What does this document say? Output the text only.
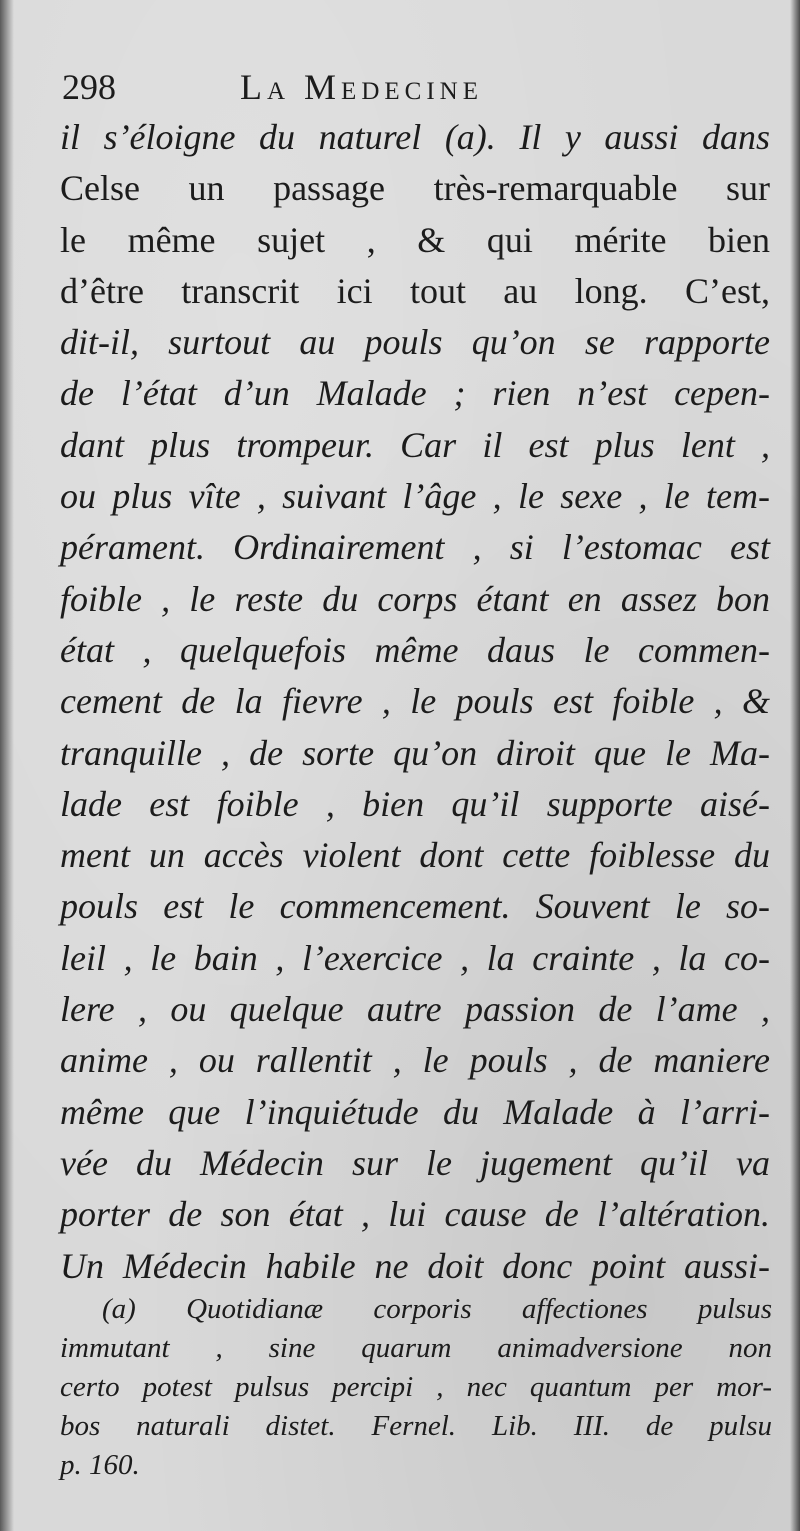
298	La Medecine
il s’éloigne du naturel (a). Il y aussi dans
Celse un passage très-remarquable sur
le même sujet , & qui mérite bien
d’être transcrit ici tout au long. C’est,
dit-il, surtout au pouls qu’on se rapporte
de l’état d’un Malade ; rien n’est cepen-
dant plus trompeur. Car il est plus lent ,
ou plus vîte , suivant l’âge , le sexe , le tem-
pérament. Ordinairement , si l’estomac est
foible , le reste du corps étant en assez bon
état , quelquefois même daus le commen-
cement de la fievre , le pouls est foible , &
tranquille , de sorte qu’on diroit que le Ma-
lade est foible , bien qu’il supporte aisé-
ment un accès violent dont cette foiblesse du
pouls est le commencement. Souvent le so-
leil , le bain , l’exercice , la crainte , la co-
lere , ou quelque autre passion de l’ame ,
anime , ou rallentit , le pouls , de maniere
même que l’inquiétude du Malade à l’arri-
vée du Médecin sur le jugement qu’il va
porter de son état , lui cause de l’altération.
Un Médecin habile ne doit donc point aussi-
(a) Quotidianæ corporis affectiones pulsus
immutant , sine quarum animadversione non
certo potest pulsus percipi , nec quantum per mor-
bos naturali distet. Fernel. Lib. III. de pulsu
p. 160.
